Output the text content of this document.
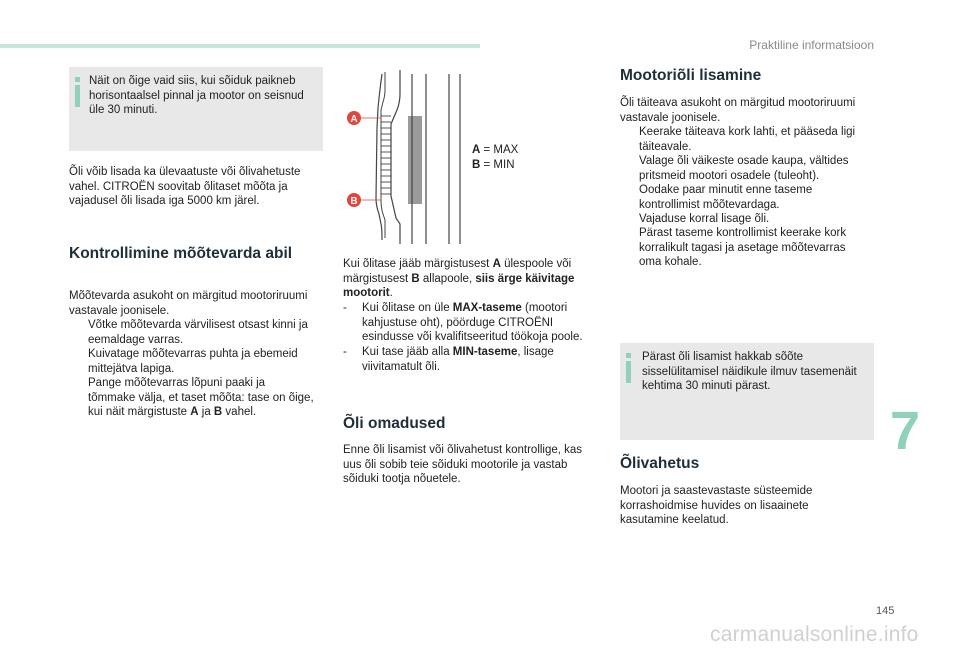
Praktiline informatsioon
Näit on õige vaid siis, kui sõiduk paikneb horisontaalsel pinnal ja mootor on seisnud üle 30 minuti.
Õli võib lisada ka ülevaatuste või õlivahetuste
vahel. CITROËN soovitab õlitaset mõõta ja
vajadusel õli lisada iga 5000 km järel.
Kontrollimine mõõtevarda abil
Mõõtevarda asukoht on märgitud mootoriruumi
vastavale joonisele.
Võtke mõõtevarda värvilisest otsast kinni ja
eemaldage varras.
Kuivatage mõõtevarras puhta ja ebemeid
mittejätva lapiga.
Pange mõõtevarras lõpuni paaki ja
tõmmake välja, et taset mõõta: tase on õige,
kui näit märgistuste A ja B vahel.
A
B
A = MAX
B = MIN
Kui õlitase jääb märgistusest A ülespoole või
märgistusest B allapoole, siis ärge käivitage
mootorit.
-	Kui õlitase on üle MAX-taseme (mootori
kahjustuse oht), pöörduge CITROËNI
esindusse või kvalifitseeritud töökoja poole.
-	Kui tase jääb alla MIN-taseme, lisage
viivitamatult õli.
Õli omadused
Enne õli lisamist või õlivahetust kontrollige, kas
uus õli sobib teie sõiduki mootorile ja vastab
sõiduki tootja nõuetele.
Mootoriõli lisamine
Õli täiteava asukoht on märgitud mootoriruumi
vastavale joonisele.
Keerake täiteava kork lahti, et pääseda ligi
täiteavale.
Valage õli väikeste osade kaupa, vältides
pritsmeid mootori osadele (tuleoht).
Oodake paar minutit enne taseme
kontrollimist mõõtevardaga.
Vajaduse korral lisage õli.
Pärast taseme kontrollimist keerake kork
korralikult tagasi ja asetage mõõtevarras
oma kohale.
Pärast õli lisamist hakkab sõõte
sisselülitamisel näidikule ilmuv tasemenäit
kehtima 30 minuti pärast.
Õlivahetus
Mootori ja saastevastaste süsteemide
korrashoidmise huvides on lisaainete
kasutamine keelatud.
7
145
carmanualsonline.info
